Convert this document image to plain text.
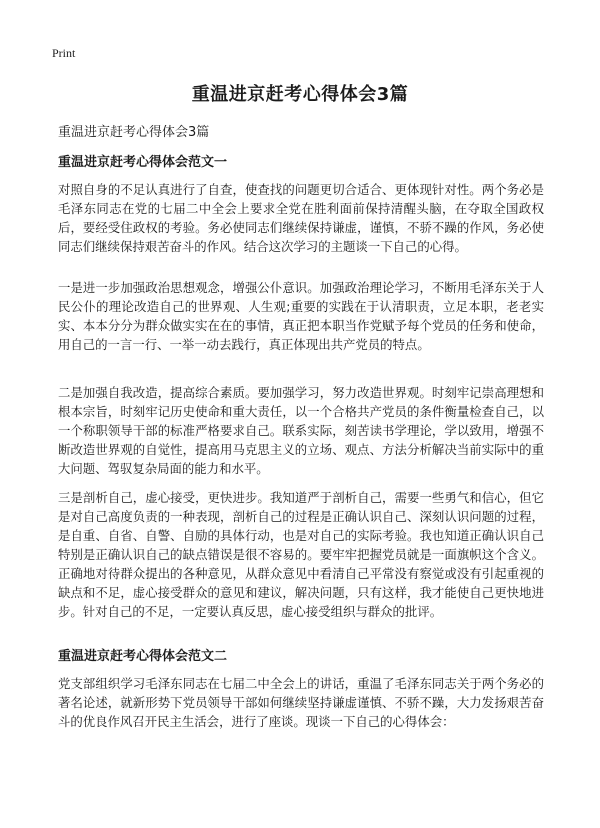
Print
重温进京赶考心得体会3篇

重温进京赶考心得体会3篇

重温进京赶考心得体会范文一

对照自身的不足认真进行了自查，使查找的问题更切合适合、更体现针对性。两个务必是毛泽东同志在党的七届二中全会上要求全党在胜利面前保持清醒头脑，在夺取全国政权后，要经受住政权的考验。务必使同志们继续保持谦虚，谨慎，不骄不躁的作风，务必使同志们继续保持艰苦奋斗的作风。结合这次学习的主题谈一下自己的心得。

一是进一步加强政治思想观念，增强公仆意识。加强政治理论学习，不断用毛泽东关于人民公仆的理论改造自己的世界观、人生观;重要的实践在于认清职责，立足本职，老老实实、本本分分为群众做实实在在的事情，真正把本职当作党赋予每个党员的任务和使命，用自己的一言一行、一举一动去践行，真正体现出共产党员的特点。

二是加强自我改造，提高综合素质。要加强学习，努力改造世界观。时刻牢记崇高理想和根本宗旨，时刻牢记历史使命和重大责任，以一个合格共产党员的条件衡量检查自己，以一个称职领导干部的标准严格要求自己。联系实际，刻苦读书学理论，学以致用，增强不断改造世界观的自觉性，提高用马克思主义的立场、观点、方法分析解决当前实际中的重大问题、驾驭复杂局面的能力和水平。

三是剖析自己，虚心接受，更快进步。我知道严于剖析自己，需要一些勇气和信心，但它是对自己高度负责的一种表现，剖析自己的过程是正确认识自己、深刻认识问题的过程，是自重、自省、自警、自励的具体行动，也是对自己的实际考验。我也知道正确认识自己特别是正确认识自己的缺点错误是很不容易的。要牢牢把握党员就是一面旗帜这个含义。正确地对待群众提出的各种意见，从群众意见中看清自己平常没有察觉或没有引起重视的缺点和不足，虚心接受群众的意见和建议，解决问题，只有这样，我才能使自己更快地进步。针对自己的不足，一定要认真反思，虚心接受组织与群众的批评。

重温进京赶考心得体会范文二

党支部组织学习毛泽东同志在七届二中全会上的讲话，重温了毛泽东同志关于两个务必的著名论述，就新形势下党员领导干部如何继续坚持谦虚谨慎、不骄不躁，大力发扬艰苦奋斗的优良作风召开民主生活会，进行了座谈。现谈一下自己的心得体会：
